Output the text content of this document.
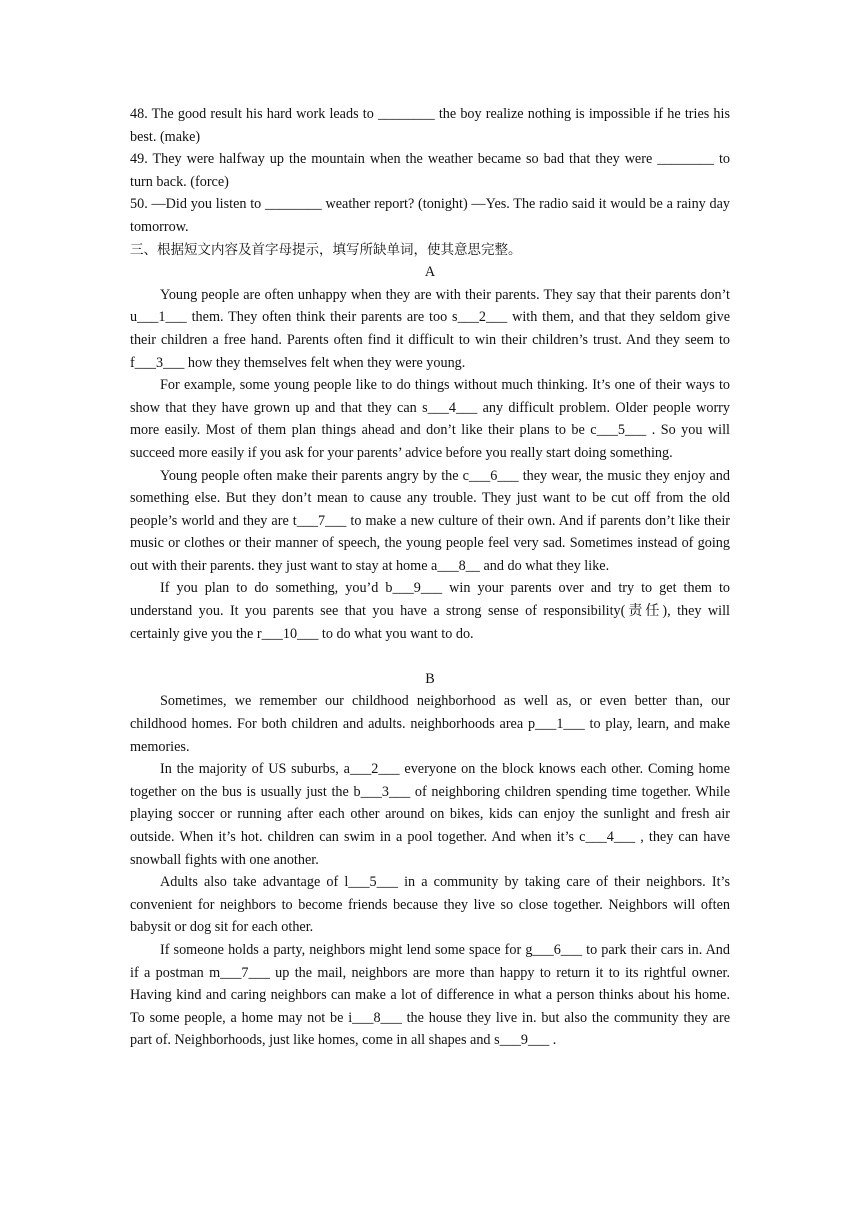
48. The good result his hard work leads to ________ the boy realize nothing is impossible if he tries his best. (make)

49. They were halfway up the mountain when the weather became so bad that they were ________ to turn back. (force)

50. —Did you listen to ________ weather report? (tonight) —Yes. The radio said it would be a rainy day tomorrow.

三、根据短文内容及首字母提示，填写所缺单词，使其意思完整。

A

Young people are often unhappy when they are with their parents. They say that their parents don’t u___1___ them. They often think their parents are too s___2___ with them, and that they seldom give their children a free hand. Parents often find it difficult to win their children’s trust. And they seem to f___3___ how they themselves felt when they were young.

For example, some young people like to do things without much thinking. It’s one of their ways to show that they have grown up and that they can s___4___ any difficult problem. Older people worry more easily. Most of them plan things ahead and don’t like their plans to be c___5___ . So you will succeed more easily if you ask for your parents’ advice before you really start doing something.

Young people often make their parents angry by the c___6___ they wear, the music they enjoy and something else. But they don’t mean to cause any trouble. They just want to be cut off from the old people’s world and they are t___7___ to make a new culture of their own. And if parents don’t like their music or clothes or their manner of speech, the young people feel very sad. Sometimes instead of going out with their parents. they just want to stay at home a___8__ and do what they like.

If you plan to do something, you’d b___9___ win your parents over and try to get them to understand you. It you parents see that you have a strong sense of responsibility(责任), they will certainly give you the r___10___ to do what you want to do.

B

Sometimes, we remember our childhood neighborhood as well as, or even better than, our childhood homes. For both children and adults. neighborhoods area p___1___ to play, learn, and make memories.

In the majority of US suburbs, a___2___ everyone on the block knows each other. Coming home together on the bus is usually just the b___3___ of neighboring children spending time together. While playing soccer or running after each other around on bikes, kids can enjoy the sunlight and fresh air outside. When it’s hot. children can swim in a pool together. And when it’s c___4___ , they can have snowball fights with one another.

Adults also take advantage of l___5___ in a community by taking care of their neighbors. It’s convenient for neighbors to become friends because they live so close together. Neighbors will often babysit or dog sit for each other.

If someone holds a party, neighbors might lend some space for g___6___ to park their cars in. And if a postman m___7___ up the mail, neighbors are more than happy to return it to its rightful owner. Having kind and caring neighbors can make a lot of difference in what a person thinks about his home. To some people, a home may not be i___8___ the house they live in. but also the community they are part of. Neighborhoods, just like homes, come in all shapes and s___9___ .
